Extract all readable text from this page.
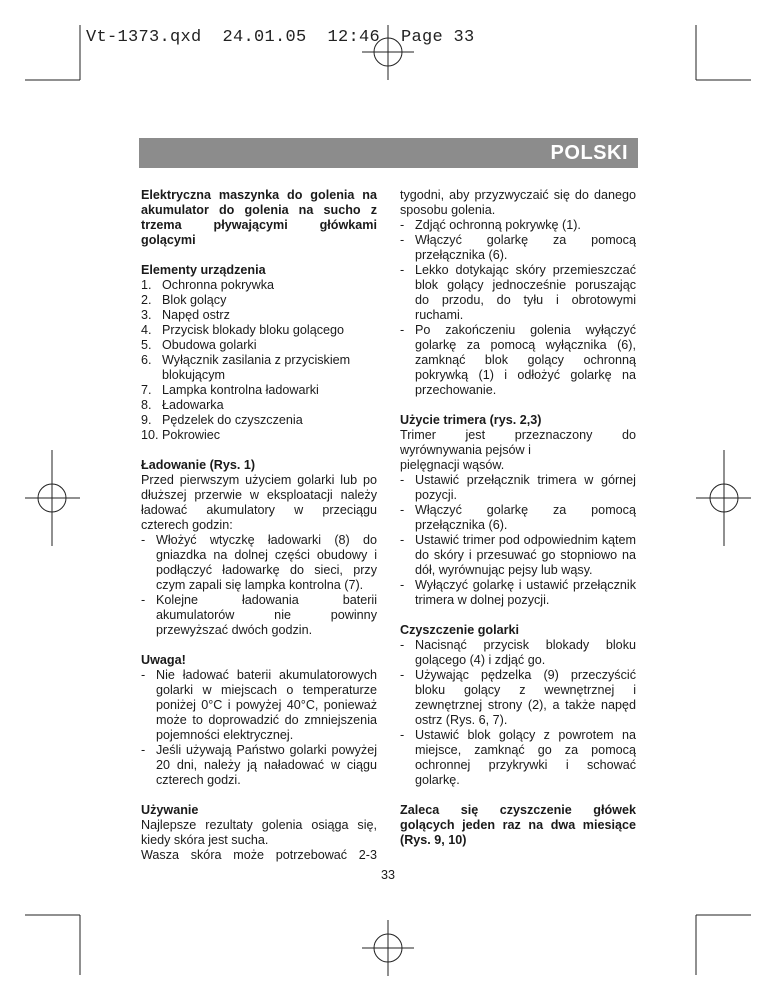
Vt-1373.qxd  24.01.05  12:46  Page 33
POLSKI

Elektryczna maszynka do golenia na akumulator do golenia na sucho z trzema pływającymi główkami golącymi

Elementy urządzenia

1. Ochronna pokrywka
2. Blok golący
3. Napęd ostrz
4. Przycisk blokady bloku golącego
5. Obudowa golarki
6. Wyłącznik zasilania z przyciskiem blokującym
7. Lampka kontrolna ładowarki
8. Ładowarka
9. Pędzelek do czyszczenia
10. Pokrowiec

Ładowanie (Rys. 1)

Przed pierwszym użyciem golarki lub po dłuższej przerwie w eksploatacji należy ładować akumulatory w przeciągu czterech godzin:

- Włożyć wtyczkę ładowarki (8) do gniazdka na dolnej części obudowy i podłączyć ładowarkę do sieci, przy czym zapali się lampka kontrolna (7).
- Kolejne ładowania baterii akumulatorów nie powinny przewyższać dwóch godzin.

Uwaga!

- Nie ładować baterii akumulatorowych golarki w miejscach o temperaturze poniżej 0°C i powyżej 40°C, ponieważ może to doprowadzić do zmniejszenia pojemności elektrycznej.
- Jeśli używają Państwo golarki powyżej 20 dni, należy ją naładować w ciągu czterech godzi.

Używanie

Najlepsze rezultaty golenia osiąga się, kiedy skóra jest sucha.

Wasza skóra może potrzebować 2-3

tygodni, aby przyzwyczaić się do danego sposobu golenia.

- Zdjąć ochronną pokrywkę (1).
- Włączyć golarkę za pomocą przełącznika (6).
- Lekko dotykając skóry przemieszczać blok golący jednocześnie poruszając do przodu, do tyłu i obrotowymi ruchami.
- Po zakończeniu golenia wyłączyć golarkę za pomocą wyłącznika (6), zamknąć blok golący ochronną pokrywką (1) i odłożyć golarkę na przechowanie.

Użycie trimera (rys. 2,3)

Trimer jest przeznaczony do wyrównywania pejsów i

pielęgnacji wąsów.

- Ustawić przełącznik trimera w górnej pozycji.
- Włączyć golarkę za pomocą przełącznika (6).
- Ustawić trimer pod odpowiednim kątem do skóry i przesuwać go stopniowo na dół, wyrównując pejsy lub wąsy.
- Wyłączyć golarkę i ustawić przełącznik trimera w dolnej pozycji.

Czyszczenie golarki

- Nacisnąć przycisk blokady bloku golącego (4) i zdjąć go.
- Używając pędzelka (9) przeczyścić bloku golący z wewnętrznej i zewnętrznej strony (2), a także napęd ostrz (Rys. 6, 7).
- Ustawić blok golący z powrotem na miejsce, zamknąć go za pomocą ochronnej przykrywki i schować golarkę.

Zaleca się czyszczenie główek golących jeden raz na dwa miesiące (Rys. 9, 10)

33
